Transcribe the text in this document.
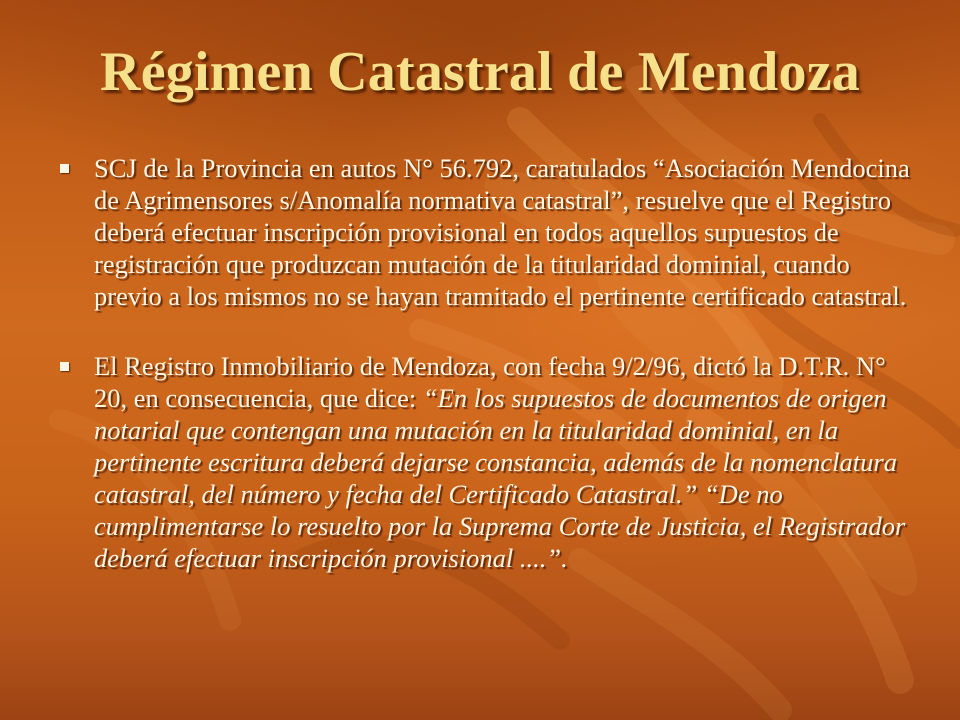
Régimen Catastral de Mendoza

SCJ de la Provincia en autos N° 56.792, caratulados “Asociación Mendocina de Agrimensores s/Anomalía normativa catastral”, resuelve que el Registro deberá efectuar inscripción provisional en todos aquellos supuestos de registración que produzcan mutación de la titularidad dominial, cuando previo a los mismos no se hayan tramitado el pertinente certificado catastral.

El Registro Inmobiliario de Mendoza, con fecha 9/2/96, dictó la D.T.R. N° 20, en consecuencia, que dice: “En los supuestos de documentos de origen notarial que contengan una mutación en la titularidad dominial, en la pertinente escritura deberá dejarse constancia, además de la nomenclatura catastral, del número y fecha del Certificado Catastral.” “De no cumplimentarse lo resuelto por la Suprema Corte de Justicia, el Registrador deberá efectuar inscripción provisional ....”.
